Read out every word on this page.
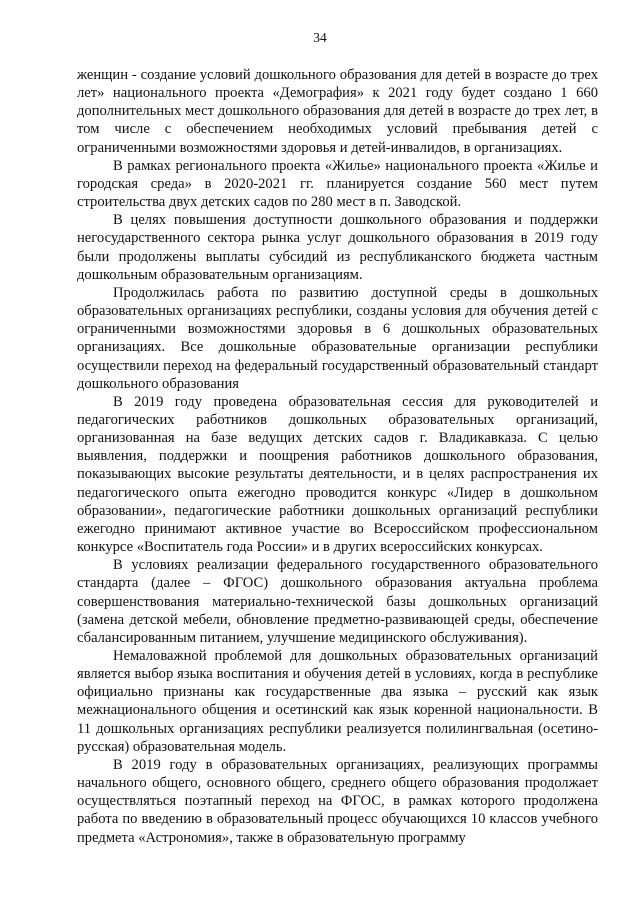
34

женщин - создание условий дошкольного образования для детей в возрасте до трех лет» национального проекта «Демография» к 2021 году будет создано 1 660 дополнительных мест дошкольного образования для детей в возрасте до трех лет, в том числе с обеспечением необходимых условий пребывания детей с ограниченными возможностями здоровья и детей-инвалидов, в организациях.

В рамках регионального проекта «Жилье» национального проекта «Жилье и городская среда» в 2020-2021 гг. планируется создание 560 мест путем строительства двух детских садов по 280 мест в п. Заводской.

В целях повышения доступности дошкольного образования и поддержки негосударственного сектора рынка услуг дошкольного образования в 2019 году были продолжены выплаты субсидий из республиканского бюджета частным дошкольным образовательным организациям.

Продолжилась работа по развитию доступной среды в дошкольных образовательных организациях республики, созданы условия для обучения детей с ограниченными возможностями здоровья в 6 дошкольных образовательных организациях. Все дошкольные образовательные организации республики осуществили переход на федеральный государственный образовательный стандарт дошкольного образования

В 2019 году проведена образовательная сессия для руководителей и педагогических работников дошкольных образовательных организаций, организованная на базе ведущих детских садов г. Владикавказа. С целью выявления, поддержки и поощрения работников дошкольного образования, показывающих высокие результаты деятельности, и в целях распространения их педагогического опыта ежегодно проводится конкурс «Лидер в дошкольном образовании», педагогические работники дошкольных организаций республики ежегодно принимают активное участие во Всероссийском профессиональном конкурсе «Воспитатель года России» и в других всероссийских конкурсах.

В условиях реализации федерального государственного образовательного стандарта (далее – ФГОС) дошкольного образования актуальна проблема совершенствования материально-технической базы дошкольных организаций (замена детской мебели, обновление предметно-развивающей среды, обеспечение сбалансированным питанием, улучшение медицинского обслуживания).

Немаловажной проблемой для дошкольных образовательных организаций является выбор языка воспитания и обучения детей в условиях, когда в республике официально признаны как государственные два языка – русский как язык межнационального общения и осетинский как язык коренной национальности. В 11 дошкольных организациях республики реализуется полилингвальная (осетино-русская) образовательная модель.

В 2019 году в образовательных организациях, реализующих программы начального общего, основного общего, среднего общего образования продолжает осуществляться поэтапный переход на ФГОС, в рамках которого продолжена работа по введению в образовательный процесс обучающихся 10 классов учебного предмета «Астрономия», также в образовательную программу
